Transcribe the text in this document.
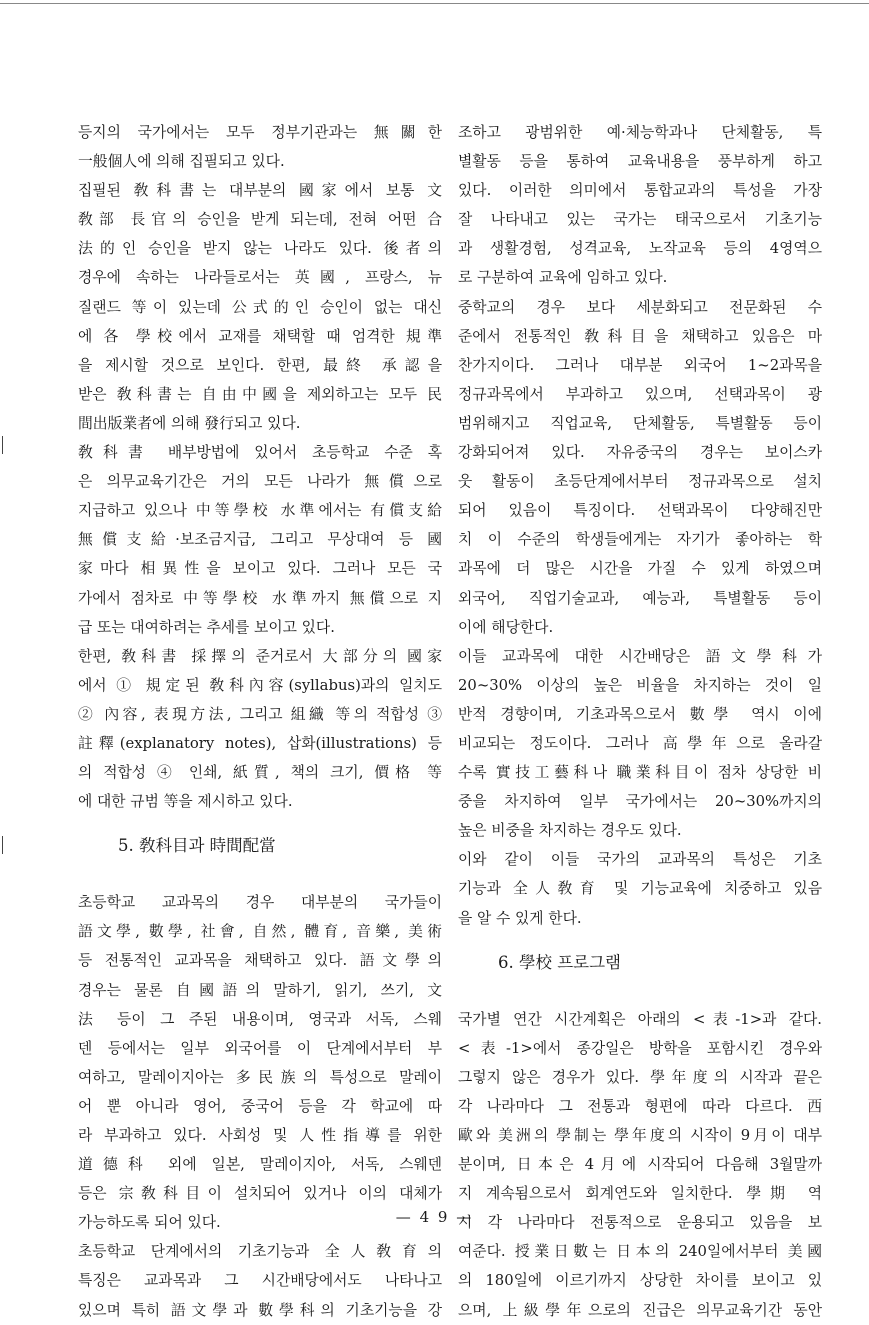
등지의 국가에서는 모두 정부기관과는 無關한
一般個人에 의해 집필되고 있다.
집필된 敎科書는 대부분의 國家에서 보통 文
敎部 長官의 승인을 받게 되는데, 전혀 어떤 合
法的인 승인을 받지 않는 나라도 있다. 後者의
경우에 속하는 나라들로서는 英國, 프랑스, 뉴
질랜드 等이 있는데 公式的인 승인이 없는 대신
에 各 學校에서 교재를 채택할 때 엄격한 規準
을 제시할 것으로 보인다. 한편, 最終 承認을
받은 敎科書는 自由中國을 제외하고는 모두 民
間出版業者에 의해 發行되고 있다.
敎科書 배부방법에 있어서 초등학교 수준 혹
은 의무교육기간은 거의 모든 나라가 無償으로
지급하고 있으나 中等學校 水準에서는 有償支給
無償支給·보조금지급, 그리고 무상대여 등 國
家마다 相異性을 보이고 있다. 그러나 모든 국
가에서 점차로 中等學校 水準까지 無償으로 지
급 또는 대여하려는 추세를 보이고 있다.
한편, 敎科書 採擇의 준거로서 大部分의 國家
에서 ① 規定된 敎科內容(syllabus)과의 일치도
② 內容, 表現方法, 그리고 組織 等의 적합성 ③
註釋(explanatory notes), 삽화(illustrations) 등
의 적합성 ④ 인쇄, 紙質, 책의 크기, 價格 等
에 대한 규범 等을 제시하고 있다.
5. 敎科目과 時間配當
초등학교 교과목의 경우 대부분의 국가들이
語文學, 數學, 社會, 自然, 體育, 音樂, 美術
등 전통적인 교과목을 채택하고 있다. 語文學의
경우는 물론 自國語의 말하기, 읽기, 쓰기, 文
法 등이 그 주된 내용이며, 영국과 서독, 스웨
덴 등에서는 일부 외국어를 이 단계에서부터 부
여하고, 말레이지아는 多民族의 특성으로 말레이
어 뿐 아니라 영어, 중국어 등을 각 학교에 따
라 부과하고 있다. 사회성 및 人性指導를 위한
道德科 외에 일본, 말레이지아, 서독, 스웨덴
등은 宗敎科目이 설치되어 있거나 이의 대체가
가능하도록 되어 있다.
초등학교 단계에서의 기초기능과 全人敎育의
특징은 교과목과 그 시간배당에서도 나타나고
있으며 특히 語文學과 數學科의 기초기능을 강
조하고 광범위한 예·체능학과나 단체활동, 특
별활동 등을 통하여 교육내용을 풍부하게 하고
있다. 이러한 의미에서 통합교과의 특성을 가장
잘 나타내고 있는 국가는 태국으로서 기초기능
과 생활경험, 성격교육, 노작교육 등의 4영역으
로 구분하여 교육에 임하고 있다.
중학교의 경우 보다 세분화되고 전문화된 수
준에서 전통적인 敎科目을 채택하고 있음은 마
찬가지이다. 그러나 대부분 외국어 1~2과목을
정규과목에서 부과하고 있으며, 선택과목이 광
범위해지고 직업교육, 단체활동, 특별활동 등이
강화되어져 있다. 자유중국의 경우는 보이스카
웃 활동이 초등단계에서부터 정규과목으로 설치
되어 있음이 특징이다. 선택과목이 다양해진만
치 이 수준의 학생들에게는 자기가 좋아하는 학
과목에 더 많은 시간을 가질 수 있게 하였으며
외국어, 직업기술교과, 예능과, 특별활동 등이
이에 해당한다.
이들 교과목에 대한 시간배당은 語文學科가
20~30% 이상의 높은 비율을 차지하는 것이 일
반적 경향이며, 기초과목으로서 數學 역시 이에
비교되는 정도이다. 그러나 高學年으로 올라갈
수록 實技工藝科나 職業科目이 점차 상당한 비
중을 차지하여 일부 국가에서는 20~30%까지의
높은 비중을 차지하는 경우도 있다.
이와 같이 이들 국가의 교과목의 특성은 기초
기능과 全人敎育 및 기능교육에 치중하고 있음
을 알 수 있게 한다.
6. 學校 프로그램
국가별 연간 시간계획은 아래의 <表-1>과 같다.
<表-1>에서 종강일은 방학을 포함시킨 경우와
그렇지 않은 경우가 있다. 學年度의 시작과 끝은
각 나라마다 그 전통과 형편에 따라 다르다. 西
歐와 美洲의 學制는 學年度의 시작이 9月이 대부
분이며, 日本은 4月에 시작되어 다음해 3월말까
지 계속됨으로서 회계연도와 일치한다. 學期 역
시 각 나라마다 전통적으로 운용되고 있음을 보
여준다. 授業日數는 日本의 240일에서부터 美國
의 180일에 이르기까지 상당한 차이를 보이고 있
으며, 上級學年으로의 진급은 의무교육기간 동안
— 4 9 —
